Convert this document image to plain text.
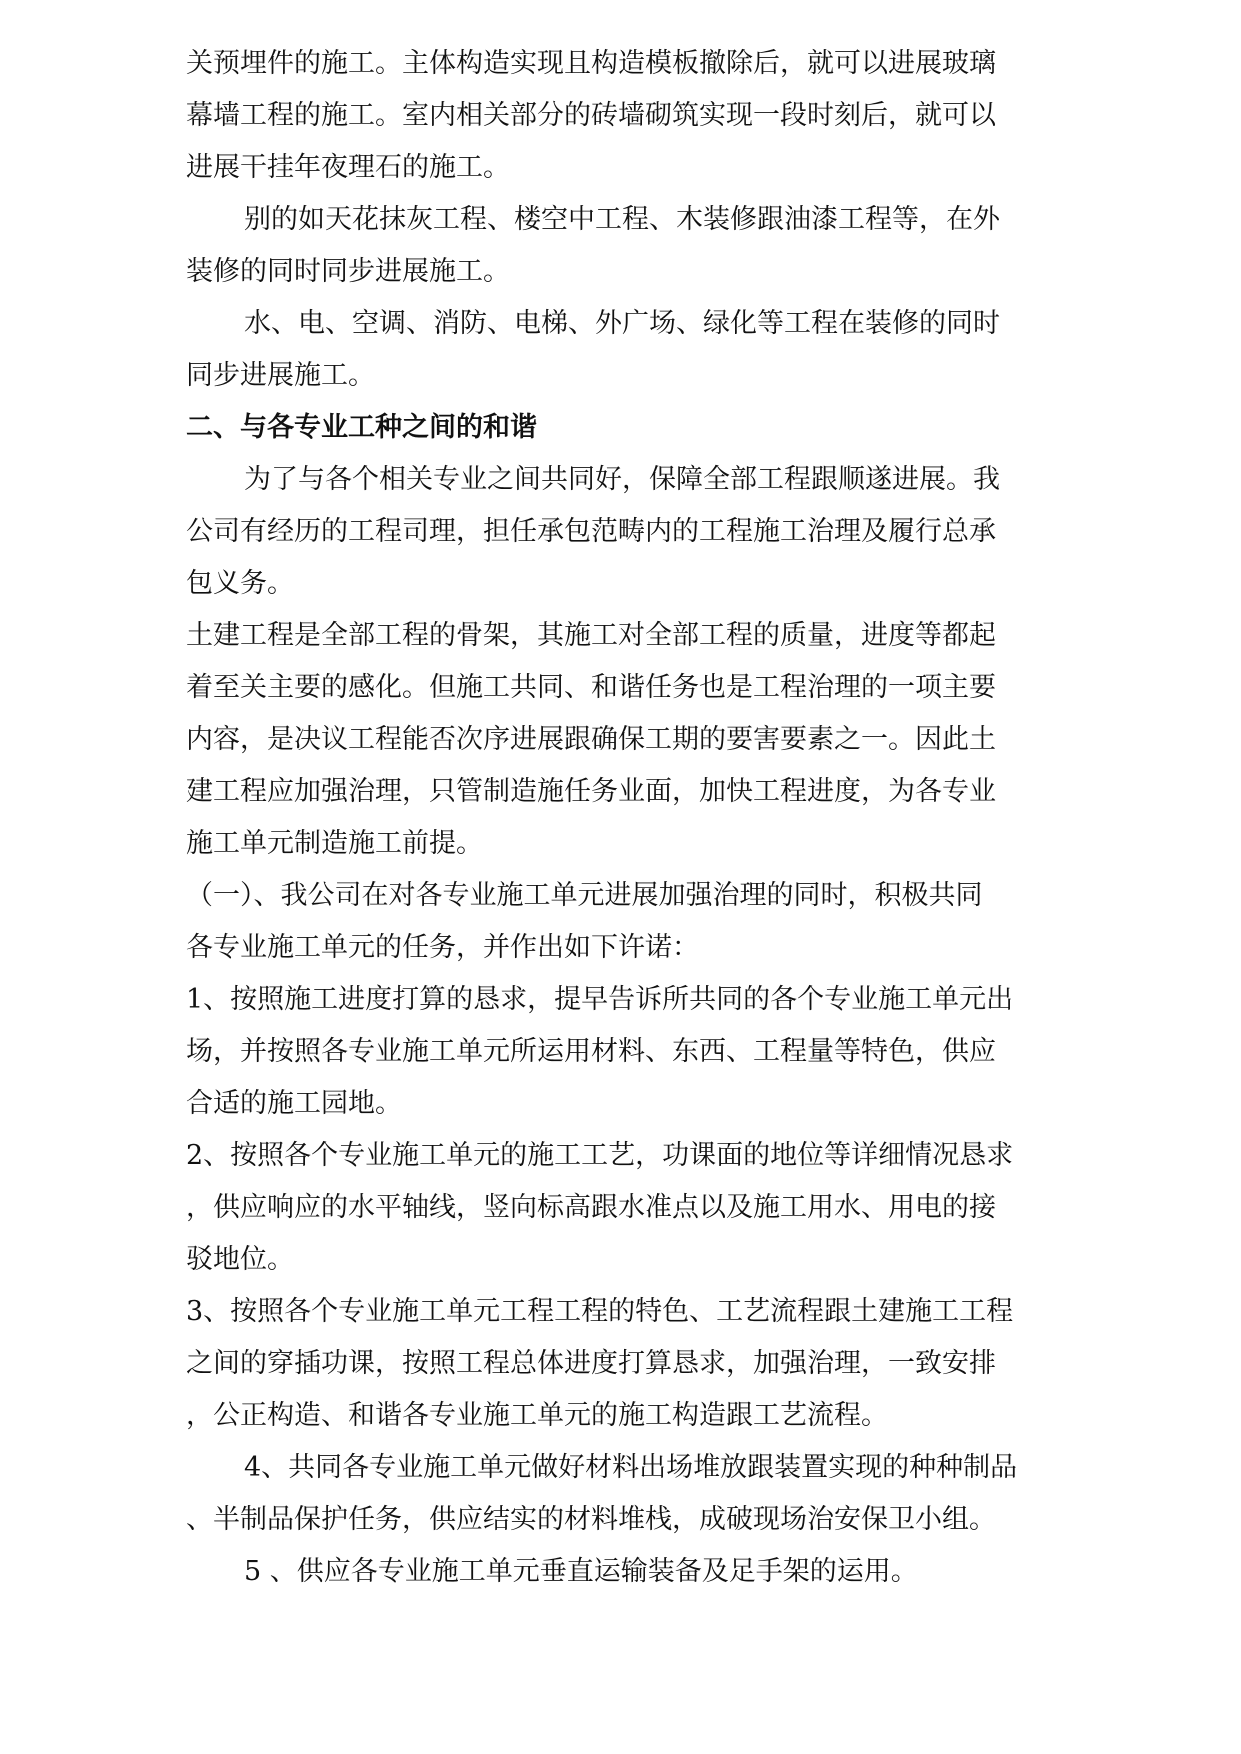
关预埋件的施工。主体构造实现且构造模板撤除后，就可以进展玻璃
幕墙工程的施工。室内相关部分的砖墙砌筑实现一段时刻后，就可以
进展干挂年夜理石的施工。
别的如天花抹灰工程、楼空中工程、木装修跟油漆工程等，在外
装修的同时同步进展施工。
水、电、空调、消防、电梯、外广场、绿化等工程在装修的同时
同步进展施工。
二、与各专业工种之间的和谐
为了与各个相关专业之间共同好，保障全部工程跟顺遂进展。我
公司有经历的工程司理，担任承包范畴内的工程施工治理及履行总承
包义务。
土建工程是全部工程的骨架，其施工对全部工程的质量，进度等都起
着至关主要的感化。但施工共同、和谐任务也是工程治理的一项主要
内容，是决议工程能否次序进展跟确保工期的要害要素之一。因此土
建工程应加强治理，只管制造施任务业面，加快工程进度，为各专业
施工单元制造施工前提。
（一）、我公司在对各专业施工单元进展加强治理的同时，积极共同
各专业施工单元的任务，并作出如下许诺：
1、按照施工进度打算的恳求，提早告诉所共同的各个专业施工单元出
场，并按照各专业施工单元所运用材料、东西、工程量等特色，供应
合适的施工园地。
2、按照各个专业施工单元的施工工艺，功课面的地位等详细情况恳求
，供应响应的水平轴线，竖向标高跟水准点以及施工用水、用电的接
驳地位。
3、按照各个专业施工单元工程工程的特色、工艺流程跟土建施工工程
之间的穿插功课，按照工程总体进度打算恳求，加强治理，一致安排
，公正构造、和谐各专业施工单元的施工构造跟工艺流程。
4、共同各专业施工单元做好材料出场堆放跟装置实现的种种制品
、半制品保护任务，供应结实的材料堆栈，成破现场治安保卫小组。
5 、供应各专业施工单元垂直运输装备及足手架的运用。
